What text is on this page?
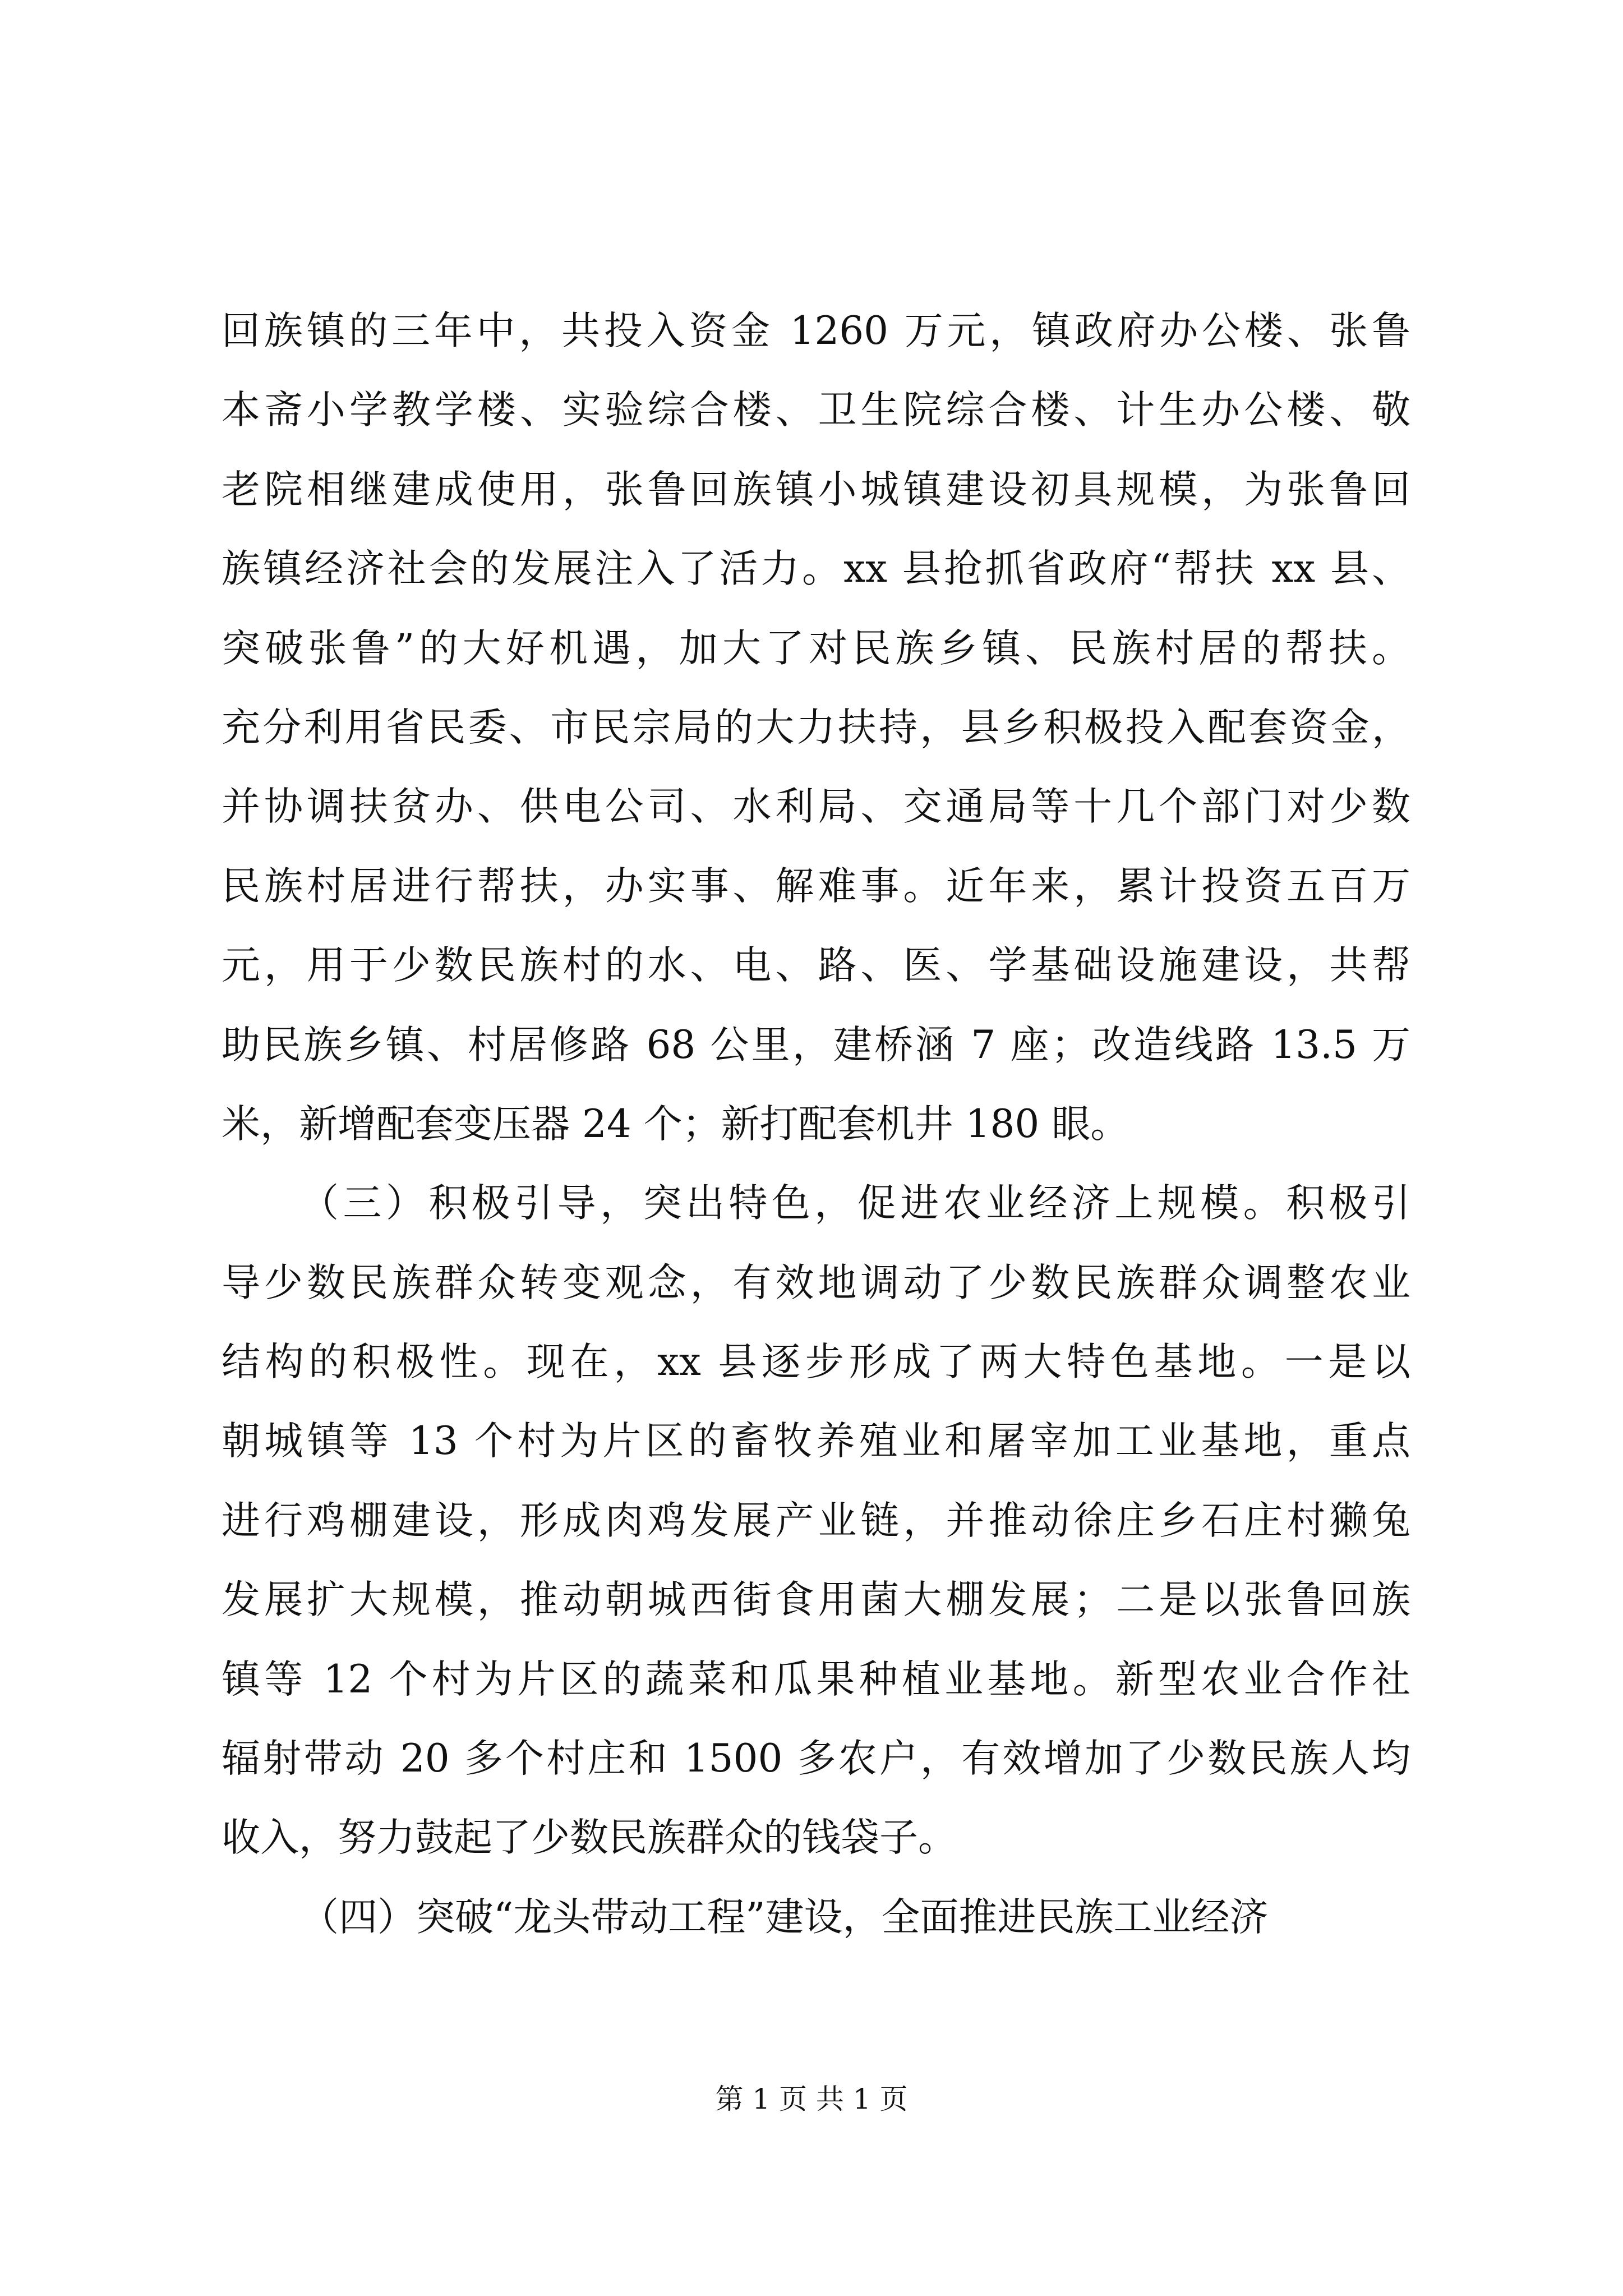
回族镇的三年中，共投入资金 1260 万元，镇政府办公楼、张鲁
本斋小学教学楼、实验综合楼、卫生院综合楼、计生办公楼、敬
老院相继建成使用，张鲁回族镇小城镇建设初具规模，为张鲁回
族镇经济社会的发展注入了活力。xx 县抢抓省政府“帮扶 xx 县、
突破张鲁”的大好机遇，加大了对民族乡镇、民族村居的帮扶。
充分利用省民委、市民宗局的大力扶持，县乡积极投入配套资金，
并协调扶贫办、供电公司、水利局、交通局等十几个部门对少数
民族村居进行帮扶，办实事、解难事。近年来，累计投资五百万
元，用于少数民族村的水、电、路、医、学基础设施建设，共帮
助民族乡镇、村居修路 68 公里，建桥涵 7 座；改造线路 13.5 万
米，新增配套变压器 24 个；新打配套机井 180 眼。
（三）积极引导，突出特色，促进农业经济上规模。积极引
导少数民族群众转变观念，有效地调动了少数民族群众调整农业
结构的积极性。现在，xx 县逐步形成了两大特色基地。一是以
朝城镇等 13 个村为片区的畜牧养殖业和屠宰加工业基地，重点
进行鸡棚建设，形成肉鸡发展产业链，并推动徐庄乡石庄村獭兔
发展扩大规模，推动朝城西街食用菌大棚发展；二是以张鲁回族
镇等 12 个村为片区的蔬菜和瓜果种植业基地。新型农业合作社
辐射带动 20 多个村庄和 1500 多农户，有效增加了少数民族人均
收入，努力鼓起了少数民族群众的钱袋子。
（四）突破“龙头带动工程”建设，全面推进民族工业经济
第 1 页 共 1 页
